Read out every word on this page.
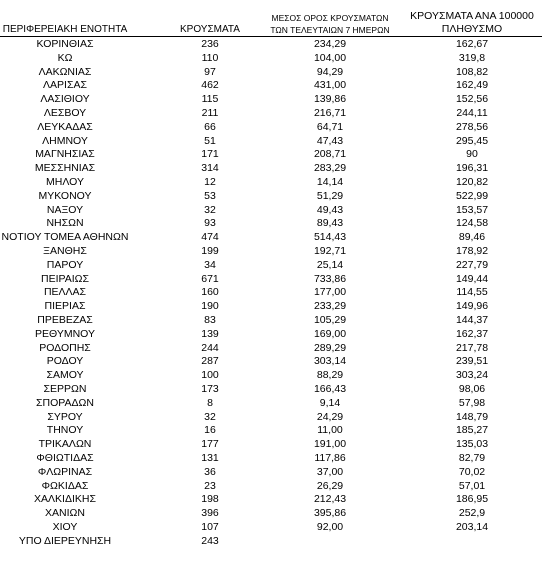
ΠΕΡΙΦΕΡΕΙΑΚΗ ΕΝΟΤΗΤΑ	ΚΡΟΥΣΜΑΤΑ
ΜΕΣΟΣ ΟΡΟΣ ΚΡΟΥΣΜΑΤΩΝ
ΤΩΝ ΤΕΛΕΥΤΑΙΩΝ 7 ΗΜΕΡΩΝ
ΚΡΟΥΣΜΑΤΑ ΑΝΑ 100000
ΠΛΗΘΥΣΜΟ
ΚΟΡΙΝΘΙΑΣ	236	234,29	162,67
ΚΩ	110	104,00	319,8
ΛΑΚΩΝΙΑΣ	97	94,29	108,82
ΛΑΡΙΣΑΣ	462	431,00	162,49
ΛΑΣΙΘΙΟΥ	115	139,86	152,56
ΛΕΣΒΟΥ	211	216,71	244,11
ΛΕΥΚΑΔΑΣ	66	64,71	278,56
ΛΗΜΝΟΥ	51	47,43	295,45
ΜΑΓΝΗΣΙΑΣ	171	208,71	90
ΜΕΣΣΗΝΙΑΣ	314	283,29	196,31
ΜΗΛΟΥ	12	14,14	120,82
ΜΥΚΟΝΟΥ	53	51,29	522,99
ΝΑΞΟΥ	32	49,43	153,57
ΝΗΣΩΝ	93	89,43	124,58
ΝΟΤΙΟΥ ΤΟΜΕΑ ΑΘΗΝΩΝ	474	514,43	89,46
ΞΑΝΘΗΣ	199	192,71	178,92
ΠΑΡΟΥ	34	25,14	227,79
ΠΕΙΡΑΙΩΣ	671	733,86	149,44
ΠΕΛΛΑΣ	160	177,00	114,55
ΠΙΕΡΙΑΣ	190	233,29	149,96
ΠΡΕΒΕΖΑΣ	83	105,29	144,37
ΡΕΘΥΜΝΟΥ	139	169,00	162,37
ΡΟΔΟΠΗΣ	244	289,29	217,78
ΡΟΔΟΥ	287	303,14	239,51
ΣΑΜΟΥ	100	88,29	303,24
ΣΕΡΡΩΝ	173	166,43	98,06
ΣΠΟΡΑΔΩΝ	8	9,14	57,98
ΣΥΡΟΥ	32	24,29	148,79
ΤΗΝΟΥ	16	11,00	185,27
ΤΡΙΚΑΛΩΝ	177	191,00	135,03
ΦΘΙΩΤΙΔΑΣ	131	117,86	82,79
ΦΛΩΡΙΝΑΣ	36	37,00	70,02
ΦΩΚΙΔΑΣ	23	26,29	57,01
ΧΑΛΚΙΔΙΚΗΣ	198	212,43	186,95
ΧΑΝΙΩΝ	396	395,86	252,9
ΧΙΟΥ	107	92,00	203,14
ΥΠΟ ΔΙΕΡΕΥΝΗΣΗ	243		
